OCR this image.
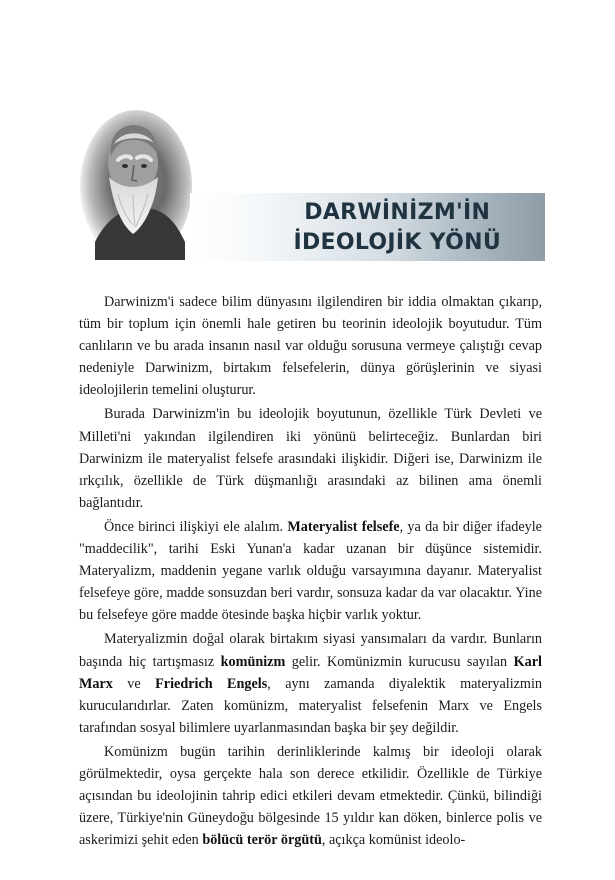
DARWİNİZM'İN
İDEOLOJİK YÖNÜ

Darwinizm'i sadece bilim dünyasını ilgilendiren bir iddia olmaktan çıkarıp, tüm bir toplum için önemli hale getiren bu teorinin ideolojik boyutudur. Tüm canlıların ve bu arada insanın nasıl var olduğu sorusuna vermeye çalıştığı cevap nedeniyle Darwinizm, birtakım felsefelerin, dünya görüşlerinin ve siyasi ideolojilerin temelini oluşturur.

Burada Darwinizm'in bu ideolojik boyutunun, özellikle Türk Devleti ve Milleti'ni yakından ilgilendiren iki yönünü belirteceğiz. Bunlardan biri Darwinizm ile materyalist felsefe arasındaki ilişkidir. Diğeri ise, Darwinizm ile ırkçılık, özellikle de Türk düşmanlığı arasındaki az bilinen ama önemli bağlantıdır.

Önce birinci ilişkiyi ele alalım. Materyalist felsefe, ya da bir diğer ifadeyle "maddecilik", tarihi Eski Yunan'a kadar uzanan bir düşünce sistemidir. Materyalizm, maddenin yegane varlık olduğu varsayımına dayanır. Materyalist felsefeye göre, madde sonsuzdan beri vardır, sonsuza kadar da var olacaktır. Yine bu felsefeye göre madde ötesinde başka hiçbir varlık yoktur.

Materyalizmin doğal olarak birtakım siyasi yansımaları da vardır. Bunların başında hiç tartışmasız komünizm gelir. Komünizmin kurucusu sayılan Karl Marx ve Friedrich Engels, aynı zamanda diyalektik materyalizmin kurucularıdırlar. Zaten komünizm, materyalist felsefenin Marx ve Engels tarafından sosyal bilimlere uyarlanmasından başka bir şey değildir.

Komünizm bugün tarihin derinliklerinde kalmış bir ideoloji olarak görülmektedir, oysa gerçekte hala son derece etkilidir. Özellikle de Türkiye açısından bu ideolojinin tahrip edici etkileri devam etmektedir. Çünkü, bilindiği üzere, Türkiye'nin Güneydoğu bölgesinde 15 yıldır kan döken, binlerce polis ve askerimizi şehit eden bölücü terör örgütü, açıkça komünist ideolo-
